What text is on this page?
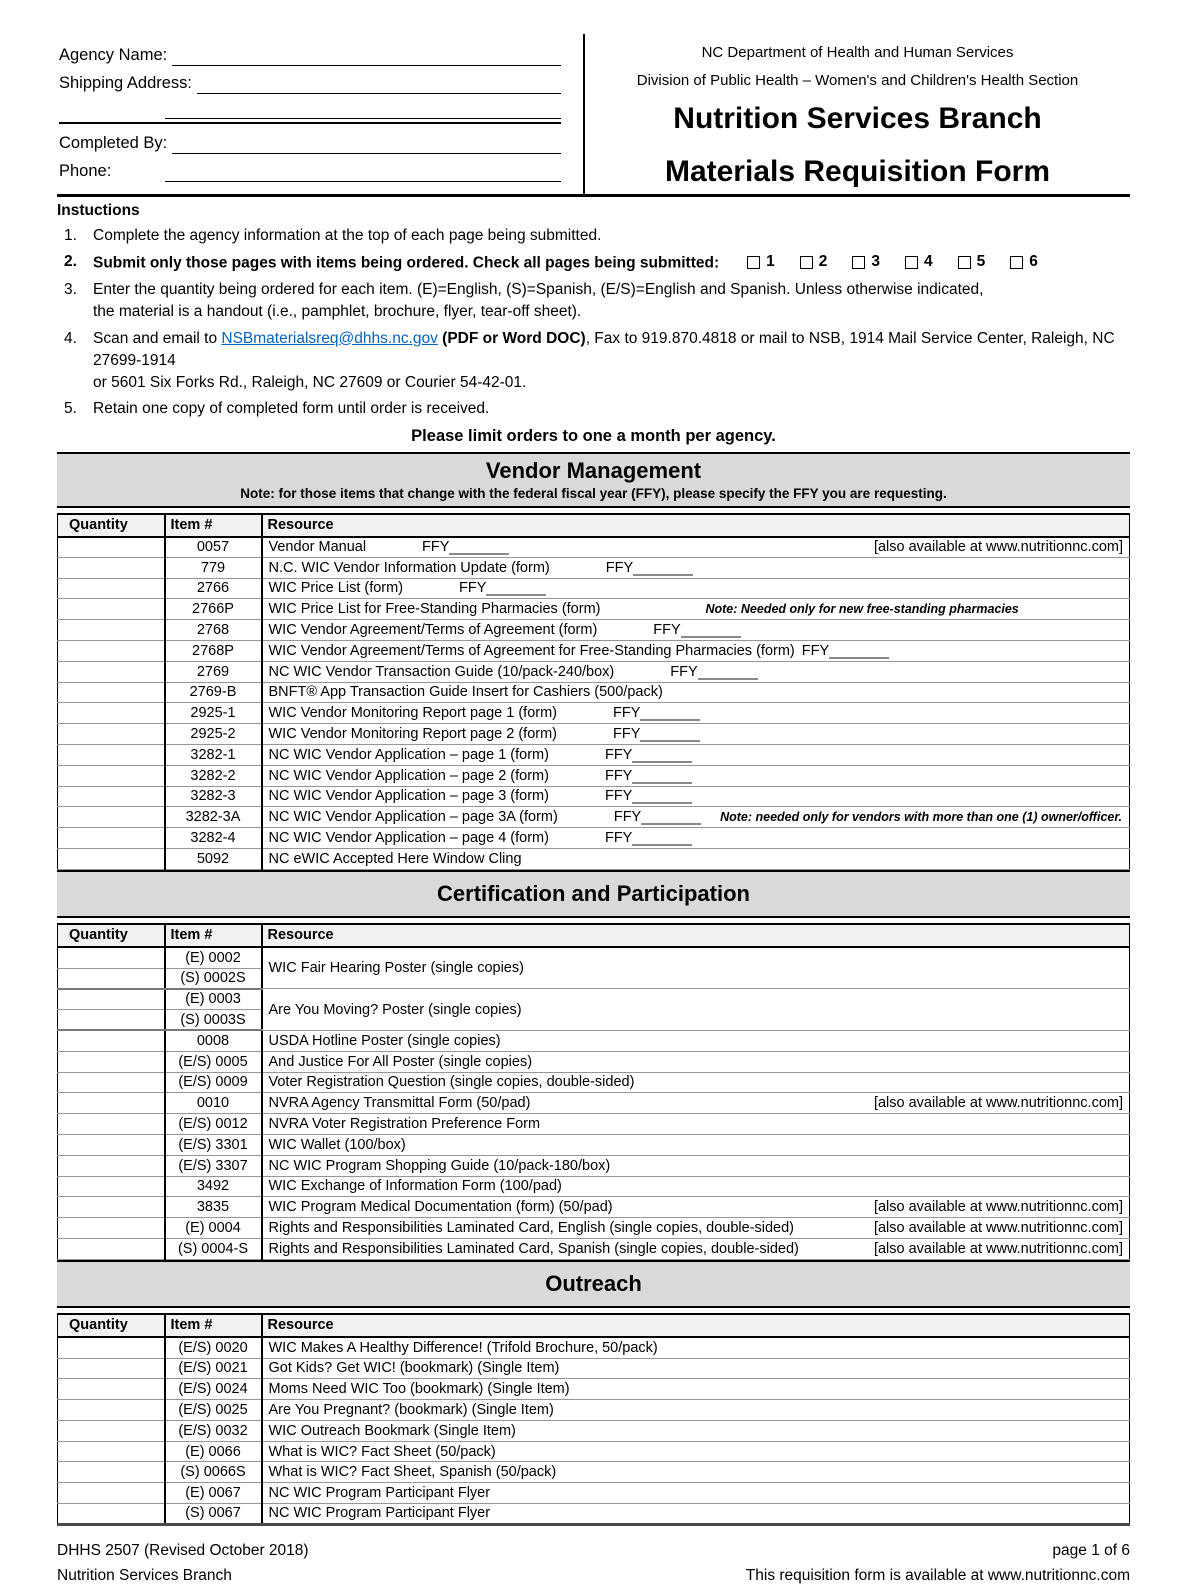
Agency Name:
Shipping Address:
Completed By:
Phone:
NC Department of Health and Human Services
Division of Public Health – Women's and Children's Health Section
Nutrition Services Branch
Materials Requisition Form
Instuctions
1.	Complete the agency information at the top of each page being submitted.
2.	Submit only those pages with items being ordered. Check all pages being submitted:	1	2	3	4	5	6
3.	Enter the quantity being ordered for each item. (E)=English, (S)=Spanish, (E/S)=English and Spanish. Unless otherwise indicated,
the material is a handout (i.e., pamphlet, brochure, flyer, tear-off sheet).
4.	Scan and email to NSBmaterialsreq@dhhs.nc.gov (PDF or Word DOC), Fax to 919.870.4818 or mail to NSB, 1914 Mail Service Center, Raleigh, NC 27699-1914
or 5601 Six Forks Rd., Raleigh, NC 27609 or Courier 54-42-01.
5.	Retain one copy of completed form until order is received.
Please limit orders to one a month per agency.
Vendor Management
Note: for those items that change with the federal fiscal year (FFY), please specify the FFY you are requesting.
Quantity	Item #	Resource
	0057	Vendor Manual FFY [also available at www.nutritionnc.com]

	779	N.C. WIC Vendor Information Update (form) FFY

	2766	WIC Price List (form) FFY

	2766P	WIC Price List for Free-Standing Pharmacies (form) Note: Needed only for new free-standing pharmacies

	2768	WIC Vendor Agreement/Terms of Agreement (form) FFY

	2768P	WIC Vendor Agreement/Terms of Agreement for Free-Standing Pharmacies (form) FFY

	2769	NC WIC Vendor Transaction Guide (10/pack-240/box) FFY

	2769-B	BNFT® App Transaction Guide Insert for Cashiers (500/pack)

	2925-1	WIC Vendor Monitoring Report page 1 (form) FFY

	2925-2	WIC Vendor Monitoring Report page 2 (form) FFY

	3282-1	NC WIC Vendor Application – page 1 (form) FFY

	3282-2	NC WIC Vendor Application – page 2 (form) FFY

	3282-3	NC WIC Vendor Application – page 3 (form) FFY

	3282-3A	NC WIC Vendor Application – page 3A (form) FFY Note: needed only for vendors with more than one (1) owner/officer.

	3282-4	NC WIC Vendor Application – page 4 (form) FFY

	5092	NC eWIC Accepted Here Window Cling
Certification and Participation
Quantity	Item #	Resource
	(E) 0002	WIC Fair Hearing Poster (single copies)

	(S) 0002S	
	(E) 0003	Are You Moving? Poster (single copies)

	(S) 0003S	
	0008	USDA Hotline Poster (single copies)

	(E/S) 0005	And Justice For All Poster (single copies)

	(E/S) 0009	Voter Registration Question (single copies, double-sided)

	0010	NVRA Agency Transmittal Form (50/pad) [also available at www.nutritionnc.com]

	(E/S) 0012	NVRA Voter Registration Preference Form

	(E/S) 3301	WIC Wallet (100/box)

	(E/S) 3307	NC WIC Program Shopping Guide (10/pack-180/box)

	3492	WIC Exchange of Information Form (100/pad)

	3835	WIC Program Medical Documentation (form) (50/pad) [also available at www.nutritionnc.com]

	(E) 0004	Rights and Responsibilities Laminated Card, English (single copies, double-sided) [also available at www.nutritionnc.com]

	(S) 0004-S	Rights and Responsibilities Laminated Card, Spanish (single copies, double-sided) [also available at www.nutritionnc.com]
Outreach
Quantity	Item #	Resource
	(E/S) 0020	WIC Makes A Healthy Difference! (Trifold Brochure, 50/pack)

	(E/S) 0021	Got Kids? Get WIC! (bookmark) (Single Item)

	(E/S) 0024	Moms Need WIC Too (bookmark) (Single Item)

	(E/S) 0025	Are You Pregnant? (bookmark) (Single Item)

	(E/S) 0032	WIC Outreach Bookmark (Single Item)

	(E) 0066	What is WIC? Fact Sheet (50/pack)

	(S) 0066S	What is WIC? Fact Sheet, Spanish (50/pack)

	(E) 0067	NC WIC Program Participant Flyer

	(S) 0067	NC WIC Program Participant Flyer
DHHS 2507 (Revised October 2018)
Nutrition Services Branch
page 1 of 6
This requisition form is available at www.nutritionnc.com
